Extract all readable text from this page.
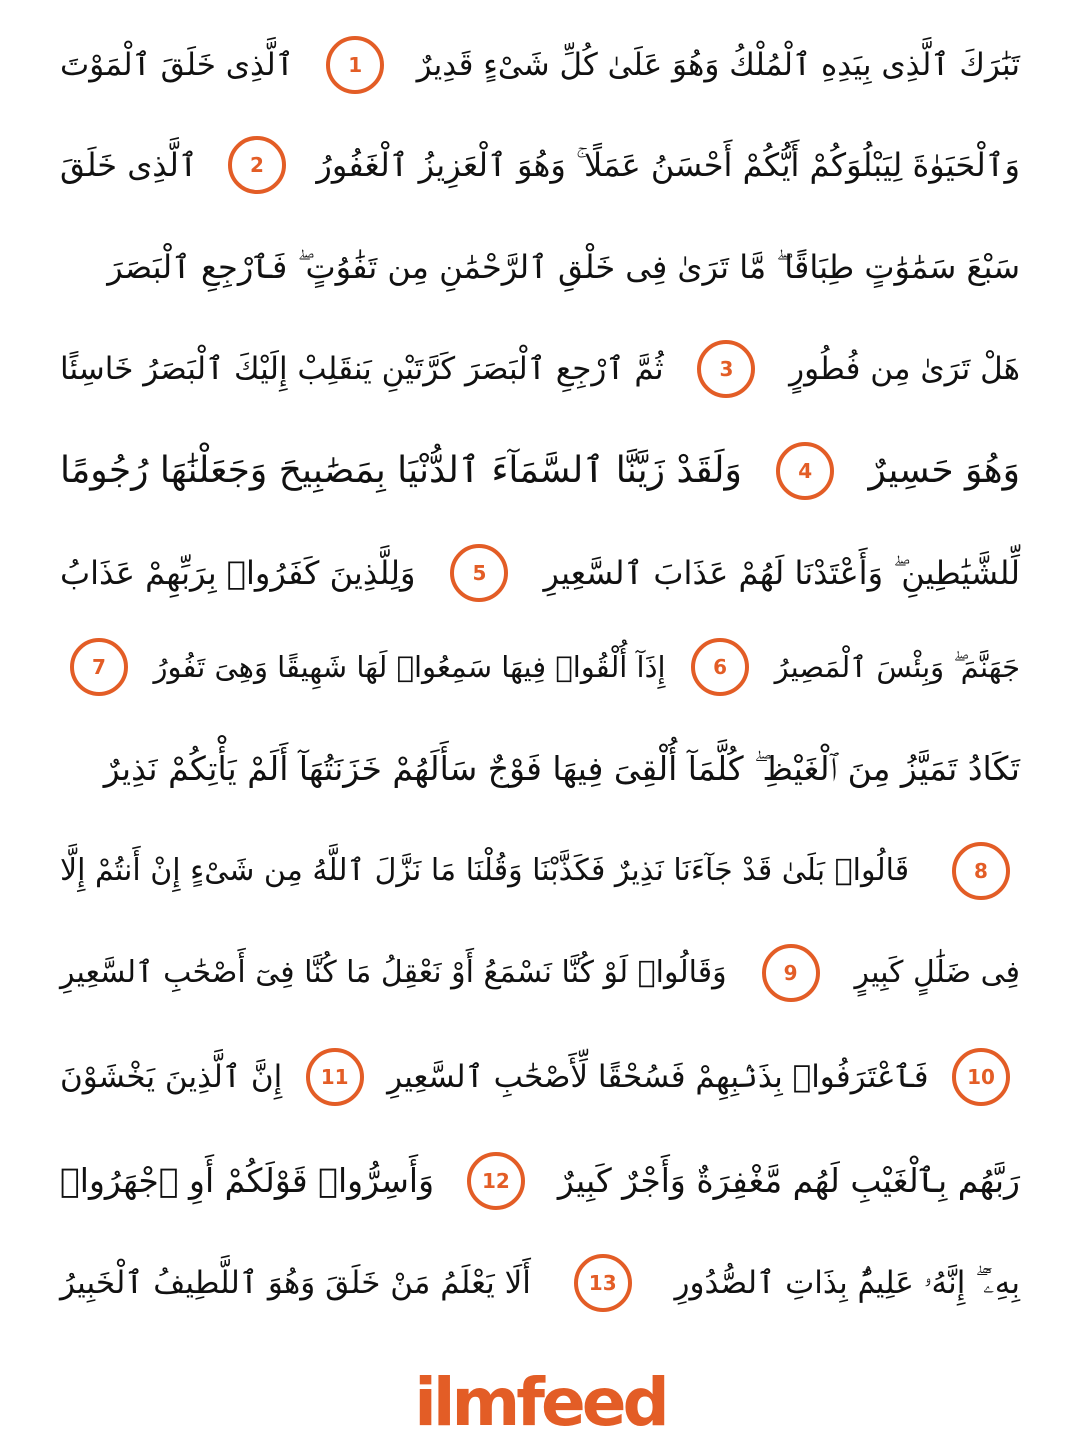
تَبَٰرَكَ ٱلَّذِى بِيَدِهِ ٱلْمُلْكُ وَهُوَ عَلَىٰ كُلِّ شَىْءٍ قَدِيرٌ
1
ٱلَّذِى خَلَقَ ٱلْمَوْتَ
وَٱلْحَيَوٰةَ لِيَبْلُوَكُمْ أَيُّكُمْ أَحْسَنُ عَمَلًا ۚ وَهُوَ ٱلْعَزِيزُ ٱلْغَفُورُ
2
ٱلَّذِى خَلَقَ
سَبْعَ سَمَٰوَٰتٍ طِبَاقًا ۖ مَّا تَرَىٰ فِى خَلْقِ ٱلرَّحْمَٰنِ مِن تَفَٰوُتٍ ۖ فَٱرْجِعِ ٱلْبَصَرَ
هَلْ تَرَىٰ مِن فُطُورٍ
3
ثُمَّ ٱرْجِعِ ٱلْبَصَرَ كَرَّتَيْنِ يَنقَلِبْ إِلَيْكَ ٱلْبَصَرُ خَاسِئًا
وَهُوَ حَسِيرٌ
4
وَلَقَدْ زَيَّنَّا ٱلسَّمَآءَ ٱلدُّنْيَا بِمَصَٰبِيحَ وَجَعَلْنَٰهَا رُجُومًا
لِّلشَّيَٰطِينِ ۖ وَأَعْتَدْنَا لَهُمْ عَذَابَ ٱلسَّعِيرِ
5
وَلِلَّذِينَ كَفَرُوا۟ بِرَبِّهِمْ عَذَابُ
جَهَنَّمَ ۖ وَبِئْسَ ٱلْمَصِيرُ
6
إِذَآ أُلْقُوا۟ فِيهَا سَمِعُوا۟ لَهَا شَهِيقًا وَهِىَ تَفُورُ
7
تَكَادُ تَمَيَّزُ مِنَ ٱلْغَيْظِ ۖ كُلَّمَآ أُلْقِىَ فِيهَا فَوْجٌ سَأَلَهُمْ خَزَنَتُهَآ أَلَمْ يَأْتِكُمْ نَذِيرٌ
8
قَالُوا۟ بَلَىٰ قَدْ جَآءَنَا نَذِيرٌ فَكَذَّبْنَا وَقُلْنَا مَا نَزَّلَ ٱللَّهُ مِن شَىْءٍ إِنْ أَنتُمْ إِلَّا
فِى ضَلَٰلٍ كَبِيرٍ
9
وَقَالُوا۟ لَوْ كُنَّا نَسْمَعُ أَوْ نَعْقِلُ مَا كُنَّا فِىٓ أَصْحَٰبِ ٱلسَّعِيرِ
10
فَٱعْتَرَفُوا۟ بِذَنۢبِهِمْ فَسُحْقًا لِّأَصْحَٰبِ ٱلسَّعِيرِ
11
إِنَّ ٱلَّذِينَ يَخْشَوْنَ
رَبَّهُم بِٱلْغَيْبِ لَهُم مَّغْفِرَةٌ وَأَجْرٌ كَبِيرٌ
12
وَأَسِرُّوا۟ قَوْلَكُمْ أَوِ ٱجْهَرُوا۟
بِهِۦٓ ۖ إِنَّهُۥ عَلِيمٌۢ بِذَاتِ ٱلصُّدُورِ
13
أَلَا يَعْلَمُ مَنْ خَلَقَ وَهُوَ ٱللَّطِيفُ ٱلْخَبِيرُ
ilmfeed
